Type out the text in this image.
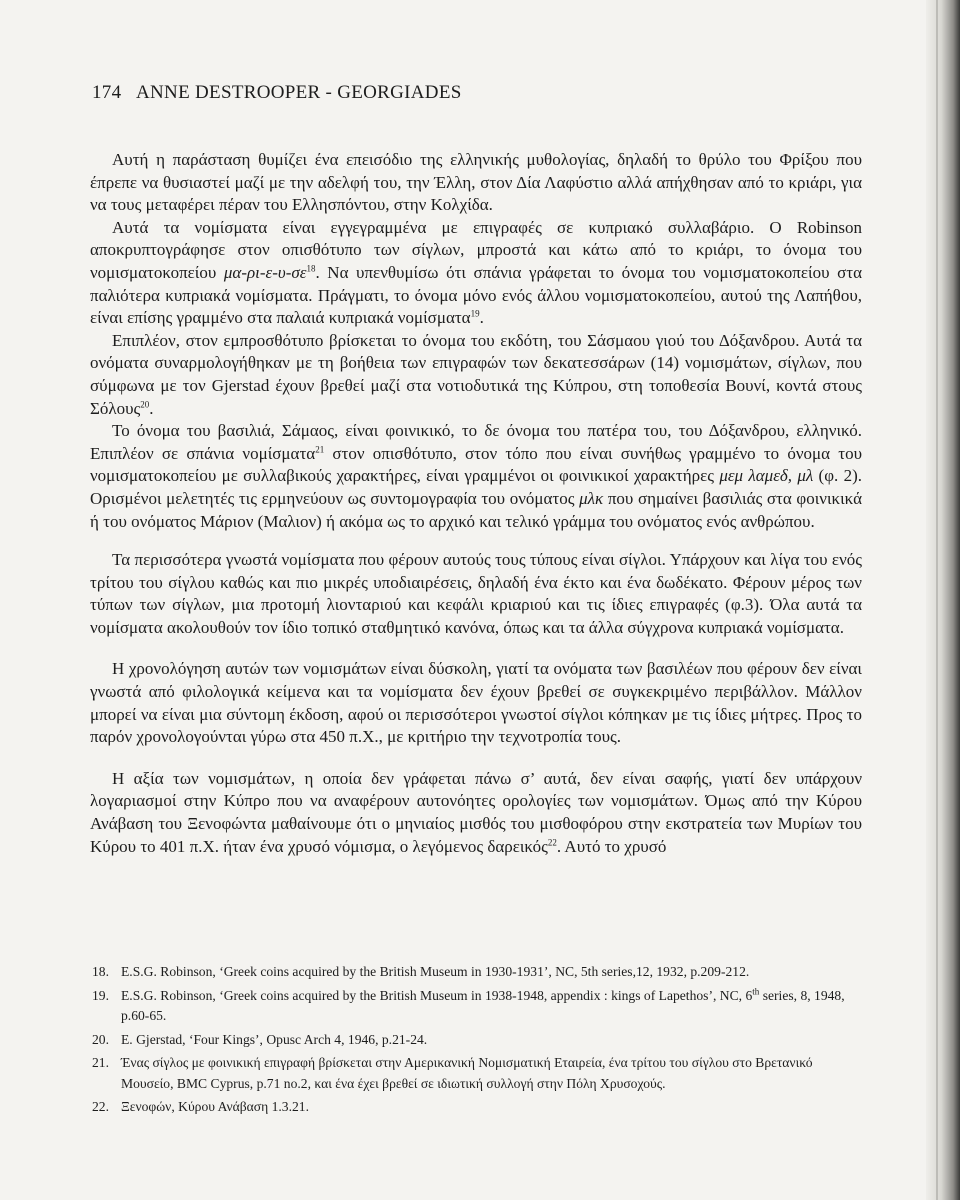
174 ANNE DESTROOPER - GEORGIADES

Αυτή η παράσταση θυμίζει ένα επεισόδιο της ελληνικής μυθολογίας, δηλαδή το θρύλο του Φρίξου που έπρεπε να θυσιαστεί μαζί με την αδελφή του, την Έλλη, στον Δία Λαφύστιο αλλά απήχθησαν από το κριάρι, για να τους μεταφέρει πέραν του Ελλησπόντου, στην Κολχίδα.

Αυτά τα νομίσματα είναι εγγεγραμμένα με επιγραφές σε κυπριακό συλλαβάριο. Ο Robinson αποκρυπτογράφησε στον οπισθότυπο των σίγλων, μπροστά και κάτω από το κριάρι, το όνομα του νομισματοκοπείου $\mu\alpha-\rho\iota-\varepsilon-\upsilon-\sigma\varepsilon^{18}$. Να υπενθυμίσω ότι σπάνια γράφεται το όνομα του νομισματοκοπείου στα παλιότερα κυπριακά νομίσματα. Πράγματι, το όνομα μόνο ενός άλλου νομισματοκοπείου, αυτού της Λαπήθου, είναι επίσης γραμμένο στα παλαιά κυπριακά νομίσματα$^{19}$.

Επιπλέον, στον εμπροσθότυπο βρίσκεται το όνομα του εκδότη, του Σάσμαου γιού του Δόξανδρου. Αυτά τα ονόματα συναρμολογήθηκαν με τη βοήθεια των επιγραφών των δεκατεσσάρων (14) νομισμάτων, σίγλων, που σύμφωνα με τον Gjerstad έχουν βρεθεί μαζί στα νοτιοδυτικά της Κύπρου, στη τοποθεσία Βουνί, κοντά στους Σόλους$^{20}$.

Το όνομα του βασιλιά, Σάμαος, είναι φοινικικό, το δε όνομα του πατέρα του, του Δόξανδρου, ελληνικό. Επιπλέον σε σπάνια νομίσματα$^{21}$ στον οπισθότυπο, στον τόπο που είναι συνήθως γραμμένο το όνομα του νομισματοκοπείου με συλλαβικούς χαρακτήρες, είναι γραμμένοι οι φοινικικοί χαρακτήρες μεμ λαμεδ, μλ (φ. 2). Ορισμένοι μελετητές τις ερμηνεύουν ως συντομογραφία του ονόματος μλκ που σημαίνει βασιλιάς στα φοινικικά ή του ονόματος Μάριον (Μαλιον) ή ακόμα ως το αρχικό και τελικό γράμμα του ονόματος ενός ανθρώπου.

Τα περισσότερα γνωστά νομίσματα που φέρουν αυτούς τους τύπους είναι σίγλοι. Υπάρχουν και λίγα του ενός τρίτου του σίγλου καθώς και πιο μικρές υποδιαιρέσεις, δηλαδή ένα έκτο και ένα δωδέκατο. Φέρουν μέρος των τύπων των σίγλων, μια προτομή λιονταριού και κεφάλι κριαριού και τις ίδιες επιγραφές (φ.3). Όλα αυτά τα νομίσματα ακολουθούν τον ίδιο τοπικό σταθμητικό κανόνα, όπως και τα άλλα σύγχρονα κυπριακά νομίσματα.

Η χρονολόγηση αυτών των νομισμάτων είναι δύσκολη, γιατί τα ονόματα των βασιλέων που φέρουν δεν είναι γνωστά από φιλολογικά κείμενα και τα νομίσματα δεν έχουν βρεθεί σε συγκεκριμένο περιβάλλον. Μάλλον μπορεί να είναι μια σύντομη έκδοση, αφού οι περισσότεροι γνωστοί σίγλοι κόπηκαν με τις ίδιες μήτρες. Προς το παρόν χρονολογούνται γύρω στα 450 π.Χ., με κριτήριο την τεχνοτροπία τους.

Η αξία των νομισμάτων, η οποία δεν γράφεται πάνω σ’ αυτά, δεν είναι σαφής, γιατί δεν υπάρχουν λογαριασμοί στην Κύπρο που να αναφέρουν αυτονόητες ορολογίες των νομισμάτων. Όμως από την Κύρου Ανάβαση του Ξενοφώντα μαθαίνουμε ότι ο μηνιαίος μισθός του μισθοφόρου στην εκστρατεία των Μυρίων του Κύρου το 401 π.Χ. ήταν ένα χρυσό νόμισμα, ο λεγόμενος δαρεικός$^{22}$. Αυτό το χρυσό

18. E.S.G. Robinson, ‘Greek coins acquired by the British Museum in 1930-1931’, NC, 5th series,12, 1932, p.209-212.
19. E.S.G. Robinson, ‘Greek coins acquired by the British Museum in 1938-1948, appendix : kings of Lapethos’, NC, 6th series, 8, 1948, p.60-65.
20. E. Gjerstad, ‘Four Kings’, Opusc Arch 4, 1946, p.21-24.
21. Ένας σίγλος με φοινικική επιγραφή βρίσκεται στην Αμερικανική Νομισματική Εταιρεία, ένα τρίτου του σίγλου στο Βρετανικό Μουσείο, BMC Cyprus, p.71 no.2, και ένα έχει βρεθεί σε ιδιωτική συλλογή στην Πόλη Χρυσοχούς.
22. Ξενοφών, Κύρου Ανάβαση 1.3.21.
